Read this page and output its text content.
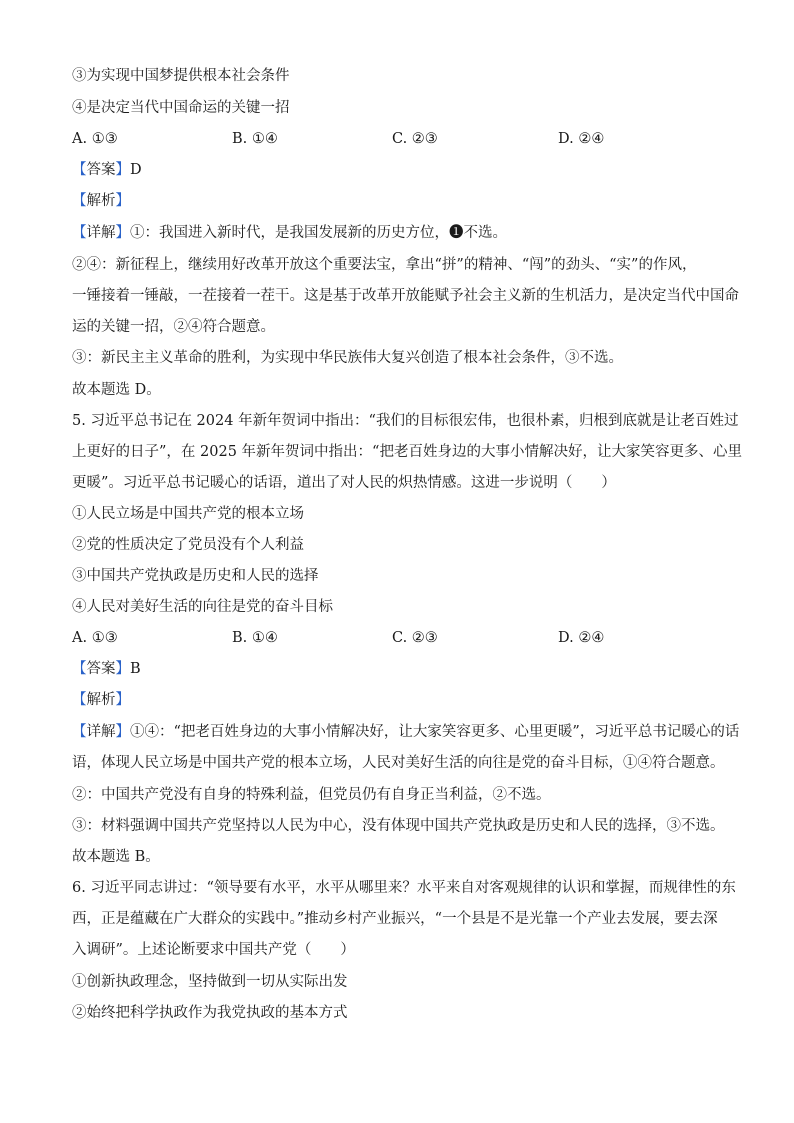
③为实现中国梦提供根本社会条件
④是决定当代中国命运的关键一招
A. ①③	B. ①④	C. ②③	D. ②④
【答案】D
【解析】
【详解】①：我国进入新时代，是我国发展新的历史方位，❶不选。
②④：新征程上，继续用好改革开放这个重要法宝，拿出“拼”的精神、“闯”的劲头、“实”的作风，
一锤接着一锤敲，一茬接着一茬干。这是基于改革开放能赋予社会主义新的生机活力，是决定当代中国命
运的关键一招，②④符合题意。
③：新民主主义革命的胜利，为实现中华民族伟大复兴创造了根本社会条件，③不选。
故本题选 D。
5. 习近平总书记在 2024 年新年贺词中指出：“我们的目标很宏伟，也很朴素，归根到底就是让老百姓过
上更好的日子”，在 2025 年新年贺词中指出：“把老百姓身边的大事小情解决好，让大家笑容更多、心里
更暖”。习近平总书记暖心的话语，道出了对人民的炽热情感。这进一步说明（　　）
①人民立场是中国共产党的根本立场
②党的性质决定了党员没有个人利益
③中国共产党执政是历史和人民的选择
④人民对美好生活的向往是党的奋斗目标
A. ①③	B. ①④	C. ②③	D. ②④
【答案】B
【解析】
【详解】①④：“把老百姓身边的大事小情解决好，让大家笑容更多、心里更暖”，习近平总书记暖心的话
语，体现人民立场是中国共产党的根本立场，人民对美好生活的向往是党的奋斗目标，①④符合题意。
②：中国共产党没有自身的特殊利益，但党员仍有自身正当利益，②不选。
③：材料强调中国共产党坚持以人民为中心，没有体现中国共产党执政是历史和人民的选择，③不选。
故本题选 B。
6. 习近平同志讲过：“领导要有水平，水平从哪里来？水平来自对客观规律的认识和掌握，而规律性的东
西，正是蕴藏在广大群众的实践中。”推动乡村产业振兴，“一个县是不是光靠一个产业去发展，要去深
入调研”。上述论断要求中国共产党（　　）
①创新执政理念，坚持做到一切从实际出发
②始终把科学执政作为我党执政的基本方式
